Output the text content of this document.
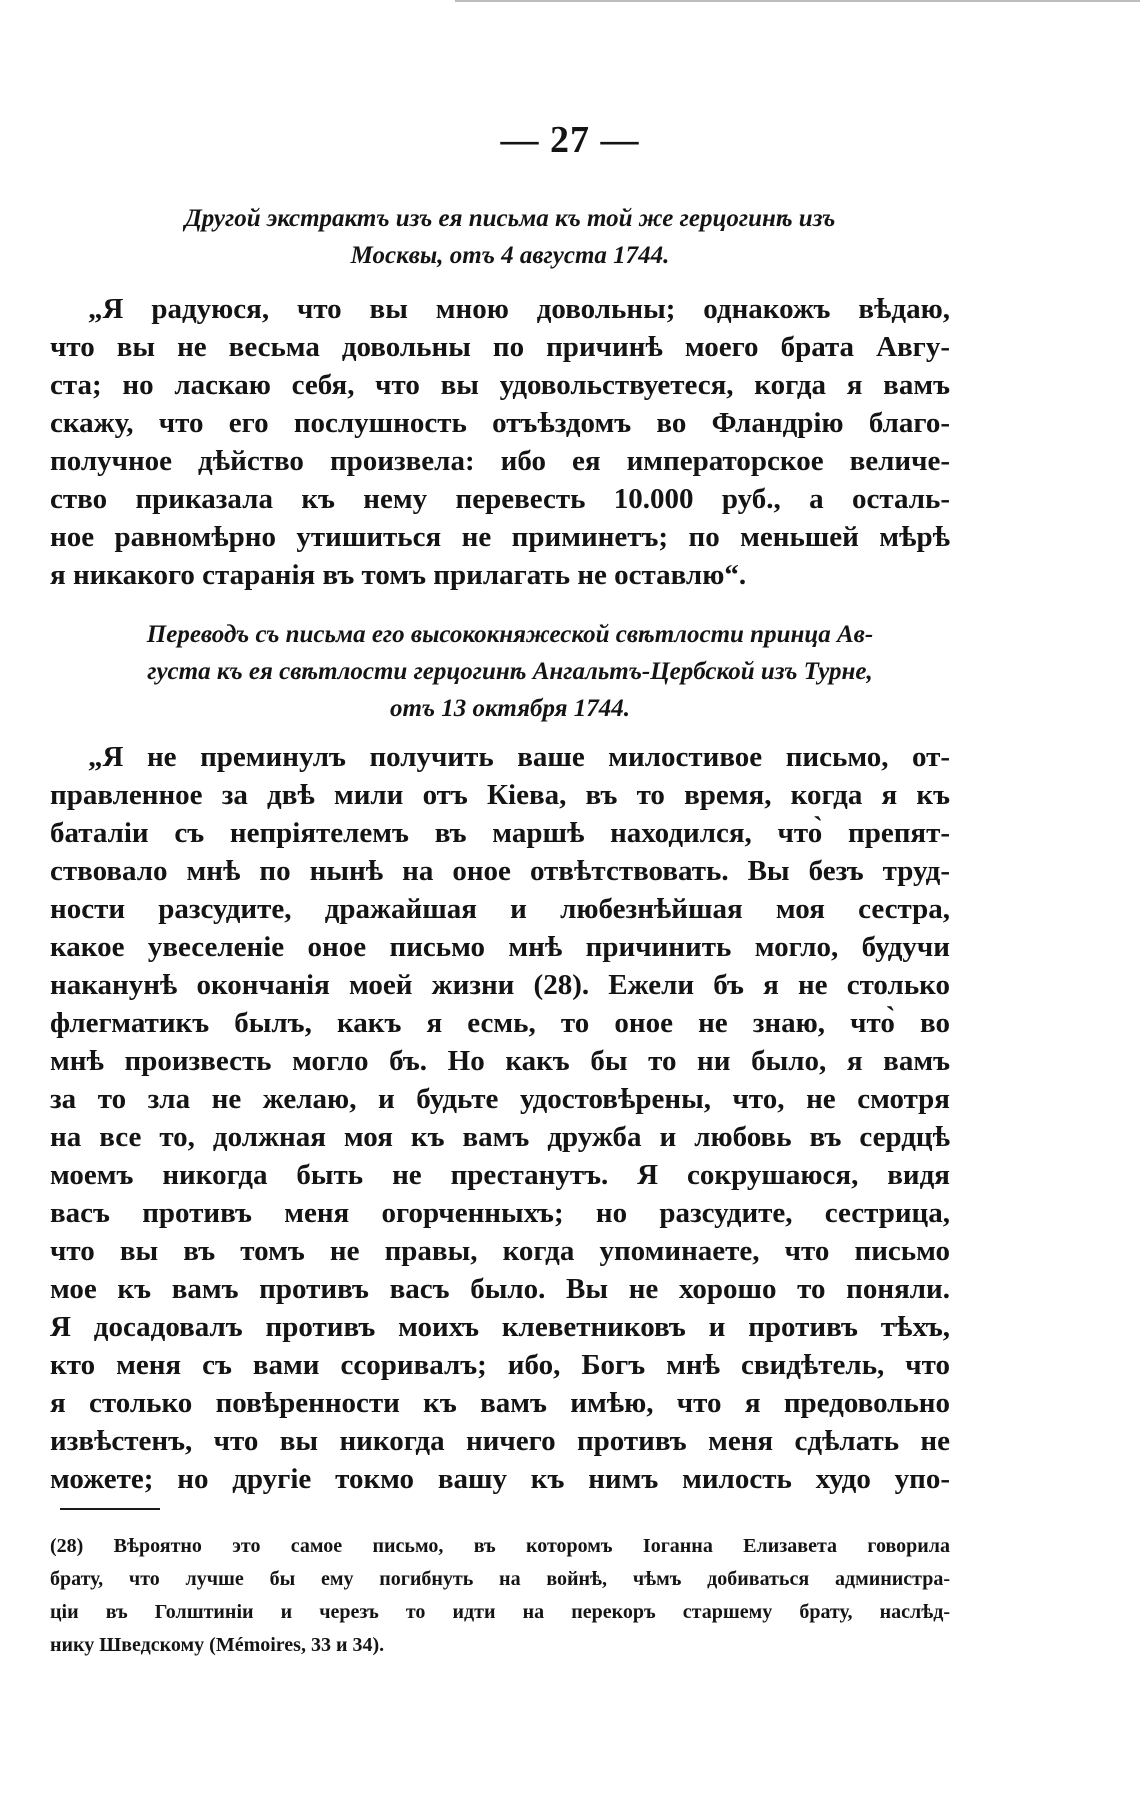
— 27 —
Другой экстрактъ изъ ея письма къ той же герцогинѣ изъ
Москвы, отъ 4 августа 1744.
„Я радуюся, что вы мною довольны; однакожъ вѣдаю,
что вы не весьма довольны по причинѣ моего брата Авгу-
ста; но ласкаю себя, что вы удовольствуетеся, когда я вамъ
скажу, что его послушность отъѣздомъ во Фландрію благо-
получное дѣйство произвела: ибо ея императорское величе-
ство приказала къ нему перевесть 10.000 руб., а осталь-
ное равномѣрно утишиться не приминетъ; по меньшей мѣрѣ
я никакого старанія въ томъ прилагать не оставлю“.
Переводъ съ письма его высококняжеской свѣтлости принца Ав-
густа къ ея свѣтлости герцогинѣ Ангальтъ-Цербской изъ Турне,
отъ 13 октября 1744.
„Я не преминулъ получить ваше милостивое письмо, от-
правленное за двѣ мили отъ Кіева, въ то время, когда я къ
баталіи съ непріятелемъ въ маршѣ находился, что̀ препят-
ствовало мнѣ по нынѣ на оное отвѣтствовать. Вы безъ труд-
ности разсудите, дражайшая и любезнѣйшая моя сестра,
какое увеселеніе оное письмо мнѣ причинить могло, будучи
наканунѣ окончанія моей жизни (28). Ежели бъ я не столько
флегматикъ былъ, какъ я есмь, то оное не знаю, что̀ во
мнѣ произвесть могло бъ. Но какъ бы то ни было, я вамъ
за то зла не желаю, и будьте удостовѣрены, что, не смотря
на все то, должная моя къ вамъ дружба и любовь въ сердцѣ
моемъ никогда быть не престанутъ. Я сокрушаюся, видя
васъ противъ меня огорченныхъ; но разсудите, сестрица,
что вы въ томъ не правы, когда упоминаете, что письмо
мое къ вамъ противъ васъ было. Вы не хорошо то поняли.
Я досадовалъ противъ моихъ клеветниковъ и противъ тѣхъ,
кто меня съ вами ссоривалъ; ибо, Богъ мнѣ свидѣтель, что
я столько повѣренности къ вамъ имѣю, что я предовольно
извѣстенъ, что вы никогда ничего противъ меня сдѣлать не
можете; но другіе токмо вашу къ нимъ милость худо упо-
(28) Вѣроятно это самое письмо, въ которомъ Іоганна Елизавета говорила
брату, что лучше бы ему погибнуть на войнѣ, чѣмъ добиваться администра-
ціи въ Голштиніи и черезъ то идти на перекоръ старшему брату, наслѣд-
нику Шведскому (Mémoires, 33 и 34).
